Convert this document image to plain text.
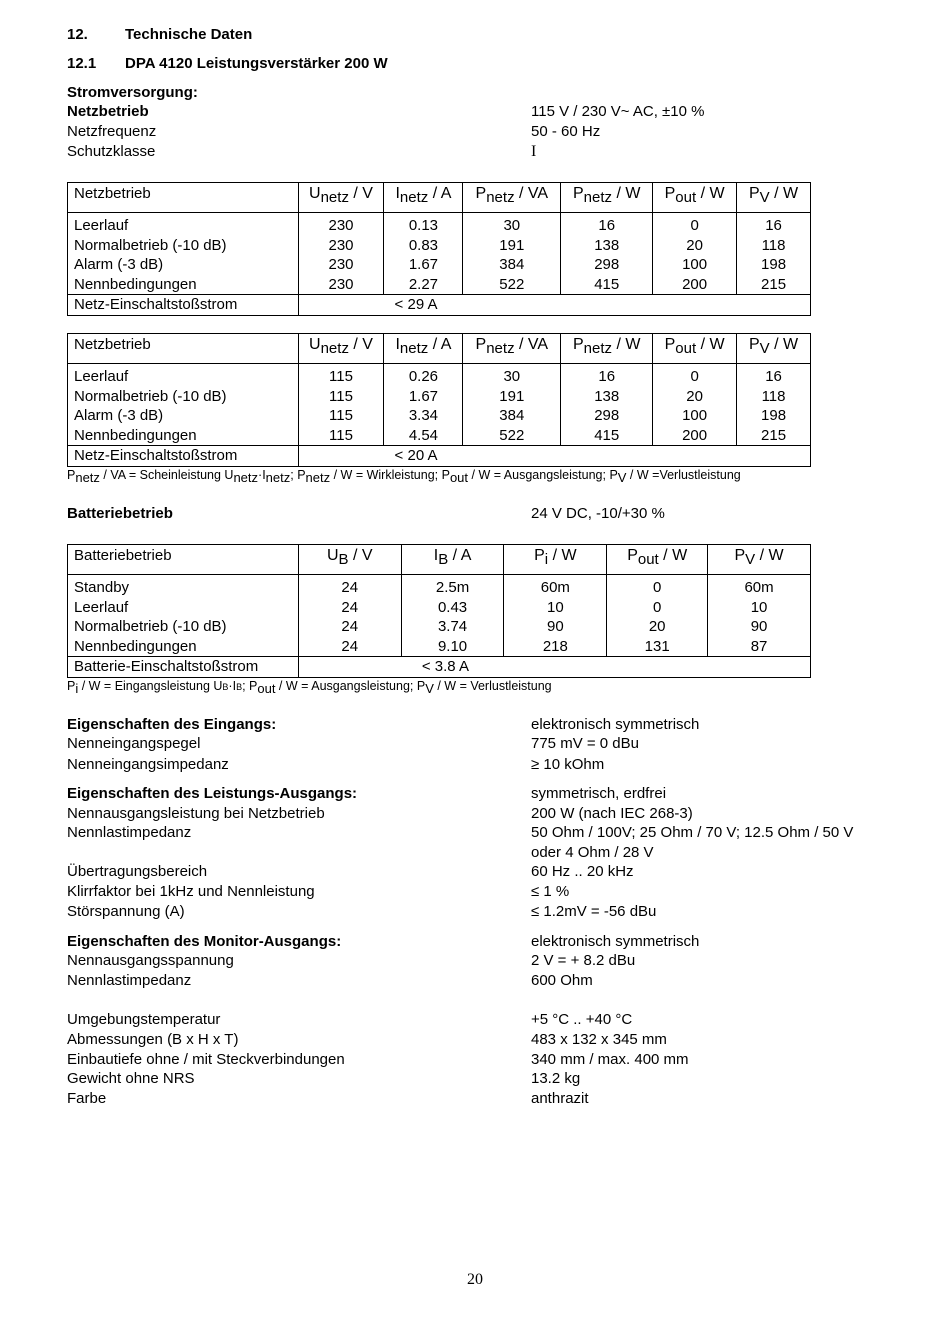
12. Technische Daten
12.1 DPA 4120 Leistungsverstärker 200 W
Stromversorgung:
Netzbetrieb	115 V / 230 V~ AC, ±10 %
Netzfrequenz	50 - 60 Hz
Schutzklasse	I
Netzbetrieb	Unetz / V	Inetz / A	Pnetz / VA	Pnetz / W	Pout / W	PV / W
Leerlauf	230	0.13	30	16	0	16
Normalbetrieb (-10 dB)	230	0.83	191	138	20	118
Alarm (-3 dB)	230	1.67	384	298	100	198
Nennbedingungen	230	2.27	522	415	200	215
Netz-Einschaltstoßstrom	< 29 A					
Netzbetrieb	Unetz / V	Inetz / A	Pnetz / VA	Pnetz / W	Pout / W	PV / W
Leerlauf	115	0.26	30	16	0	16
Normalbetrieb (-10 dB)	115	1.67	191	138	20	118
Alarm (-3 dB)	115	3.34	384	298	100	198
Nennbedingungen	115	4.54	522	415	200	215
Netz-Einschaltstoßstrom	< 20 A					
Pnetz / VA = Scheinleistung Unetz·Inetz; Pnetz / W = Wirkleistung; Pout / W = Ausgangsleistung; PV / W =Verlustleistung
Batteriebetrieb	24 V DC, -10/+30 %
Batteriebetrieb	UB / V	IB / A	Pi / W	Pout / W	PV / W
Standby	24	2.5m	60m	0	60m
Leerlauf	24	0.43	10	0	10
Normalbetrieb (-10 dB)	24	3.74	90	20	90
Nennbedingungen	24	9.10	218	131	87
Batterie-Einschaltstoßstrom	< 3.8 A				
Pi / W = Eingangsleistung UB·IB; Pout / W = Ausgangsleistung; PV / W = Verlustleistung
Eigenschaften des Eingangs:	elektronisch symmetrisch
Nenneingangspegel	775 mV = 0 dBu
Nenneingangsimpedanz	≥ 10 kOhm
Eigenschaften des Leistungs-Ausgangs:	symmetrisch, erdfrei
Nennausgangsleistung bei Netzbetrieb	200 W (nach IEC 268-3)
Nennlastimpedanz	50 Ohm / 100V; 25 Ohm / 70 V; 12.5 Ohm / 50 V
oder 4 Ohm / 28 V
Übertragungsbereich	60 Hz .. 20 kHz
Klirrfaktor bei 1kHz und Nennleistung	≤ 1 %
Störspannung (A)	≤ 1.2mV = -56 dBu
Eigenschaften des Monitor-Ausgangs:	elektronisch symmetrisch
Nennausgangsspannung	2 V = + 8.2 dBu
Nennlastimpedanz	600 Ohm
Umgebungstemperatur	+5 °C .. +40 °C
Abmessungen (B x H x T)	483 x 132 x 345 mm
Einbautiefe ohne / mit Steckverbindungen	340 mm / max. 400 mm
Gewicht ohne NRS	13.2 kg
Farbe	anthrazit
20
